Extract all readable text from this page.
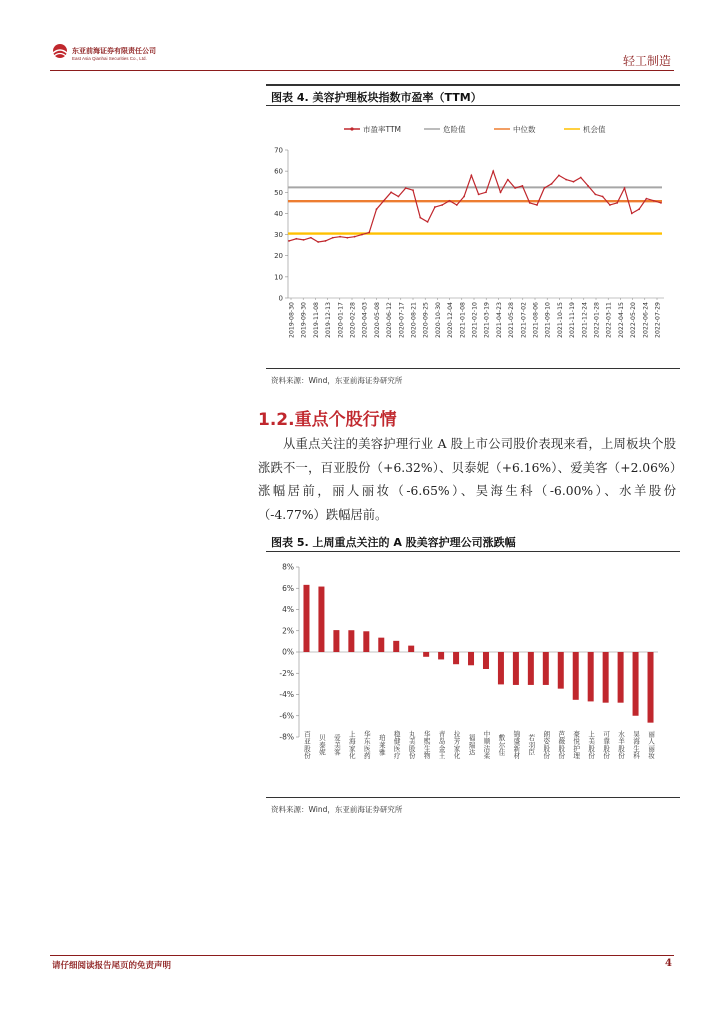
东亚前海证券有限责任公司
East Asia Qianhai Securities Co., Ltd.	轻工制造
图表 4. 美容护理板块指数市盈率（TTM）
市盈率TTM	危险值	中位数	机会值
0
10
20
30
40
50
60
70
2019-08-30 2019-09-30 2019-11-08 2019-12-13 2020-01-17 2020-02-28 2020-04-03 2020-05-08 2020-06-12 2020-07-17 2020-08-21 2020-09-25 2020-10-30 2020-12-04 2021-01-08 2021-02-10 2021-03-19 2021-04-23 2021-05-28 2021-07-02 2021-08-06 2021-09-10 2021-10-15 2021-11-19 2021-12-24 2022-01-28 2022-03-11 2022-04-15 2022-05-20 2022-06-24 2022-07-29
资料来源：Wind，东亚前海证券研究所
1.2.重点个股行情
从重点关注的美容护理行业 A 股上市公司股价表现来看，上周板块个股涨跌不一，百亚股份（+6.32%）、贝泰妮（+6.16%）、爱美客（+2.06%）涨幅居前，丽人丽妆（-6.65%）、昊海生科（-6.00%）、水羊股份（-4.77%）跌幅居前。
图表 5. 上周重点关注的 A 股美容护理公司涨跌幅
-8%
-6%
-4%
-2%
0%
2%
4%
6%
8%
百亚股份 贝泰妮 爱美客 上海家化 华东医药 珀莱雅 稳健医疗 丸美股份 华熙生物 青岛金王 拉芳家化 福瑞达 中顺洁柔 敷尔佳 锦盛新材 若羽臣 朗姿股份 芭薇股份 豪悦护理 上美股份 可靠股份 水羊股份 昊海生科 丽人丽妆
资料来源：Wind，东亚前海证券研究所
请仔细阅读报告尾页的免责声明	4
